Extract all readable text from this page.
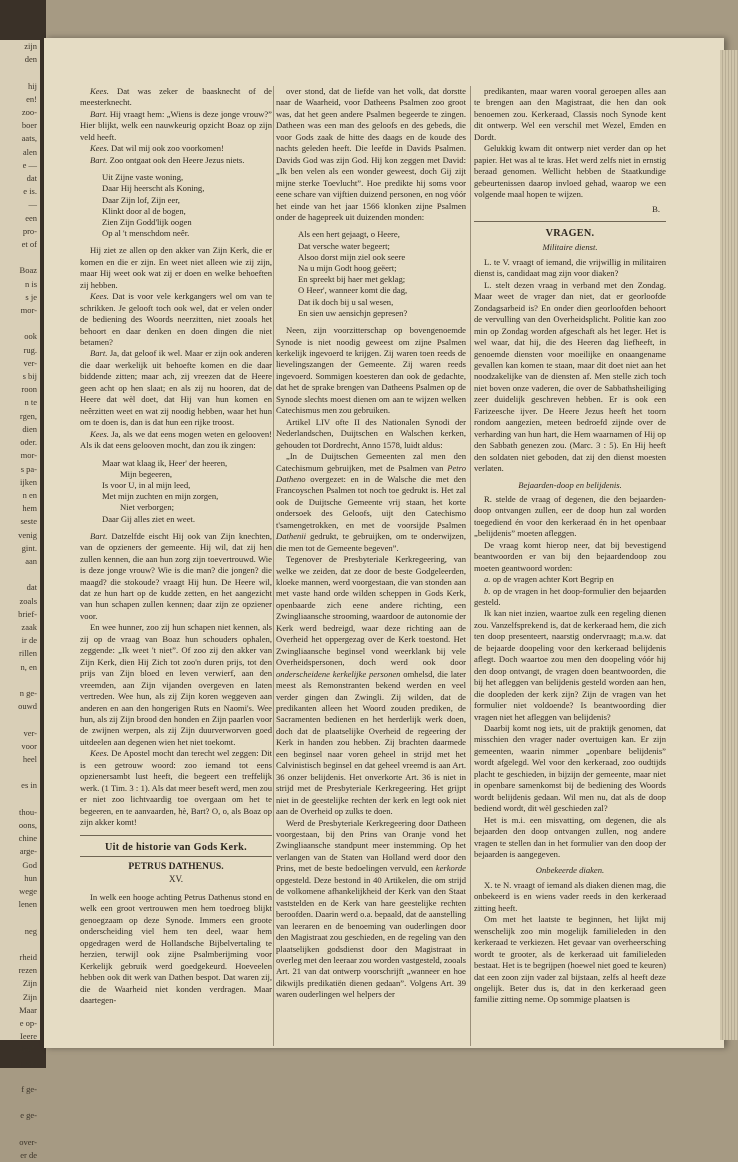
zijn
den

hij
en!
zoo-
boer
aats,
alen
e —
dat
e is.
—
een
pro-
et of

Boaz
n is
s je
mor-

ook
rug.
ver-
s bij
roon
n te
rgen,
dien
oder.
mor-
s pa-
ijken
n en
hem
seste
venig
gint.
aan

dat
zoals
brief-
zaak
ir de
rillen
n, en

n ge-
ouwd

ver-
voor
heel

es in

thou-
oons,
chine
arge-
God
hun
wege
lenen

neg

rheid
rezen
Zijn
Zijn
Maar
e op-
Ieere
den".
r zoo

f ge-

e ge-

over-
er de

Kees. Dat was zeker de baasknecht of de meesterknecht.

Bart. Hij vraagt hem: „Wiens is deze jonge vrouw?” Hier blijkt, welk een nauwkeurig opzicht Boaz op zijn veld heeft.

Kees. Dat wil mij ook zoo voorkomen!

Bart. Zoo ontgaat ook den Heere Jezus niets.

Uit Zijne vaste woning,
Daar Hij heerscht als Koning,
Daar Zijn lof, Zijn eer,
Klinkt door al de bogen,
Zien Zijn Godd'lijk oogen
Op al 't menschdom neêr.

Hij ziet ze allen op den akker van Zijn Kerk, die er komen en die er zijn. En weet niet alleen wie zij zijn, maar Hij weet ook wat zij er doen en welke behoeften zij hebben.

Kees. Dat is voor vele kerkgangers wel om van te schrikken. Je gelooft toch ook wel, dat er velen onder de bediening des Woords neerzitten, niet zooals het behoort en daar denken en doen dingen die niet betamen?

Bart. Ja, dat geloof ik wel. Maar er zijn ook anderen die daar werkelijk uit behoefte komen en die daar biddende zitten; maar ach, zij vreezen dat de Heere geen acht op hen slaat; en als zij nu hooren, dat de Heere dat wèl doet, dat Hij van hun komen en neêrzitten weet en wat zij noodig hebben, waar het hun om te doen is, dan is dat hun een rijke troost.

Kees. Ja, als we dat eens mogen weten en gelooven! Als ik dat eens gelooven mocht, dan zou ik zingen:

Maar wat klaag ik, Heer' der heeren,
Mijn begeeren,
Is voor U, in al mijn leed,
Met mijn zuchten en mijn zorgen,
Niet verborgen;
Daar Gij alles ziet en weet.

Bart. Datzelfde eischt Hij ook van Zijn knechten, van de opzieners der gemeente. Hij wil, dat zij hen zullen kennen, die aan hun zorg zijn toevertrouwd. Wie is deze jonge vrouw? Wie is die man? die jongen? die maagd? die stokoude? vraagt Hij hun. De Heere wil, dat ze hun hart op de kudde zetten, en het aangezicht van hun schapen zullen kennen; daar zijn ze opziener voor.

En wee hunner, zoo zij hun schapen niet kennen, als zij op de vraag van Boaz hun schouders ophalen, zeggende: „Ik weet 't niet”. Of zoo zij den akker van Zijn Kerk, dien Hij Zich tot zoo'n duren prijs, tot den prijs van Zijn bloed en leven verwierf, aan den vreemden, aan Zijn vijanden overgeven en laten vertreden. Wee hun, als zij Zijn koren weggeven aan anderen en aan den hongerigen Ruts en Naomi's. Wee hun, als zij Zijn brood den honden en Zijn paarlen voor de zwijnen werpen, als zij Zijn duurverworven goed uitdeelen aan degenen wien het niet toekomt.

Kees. De Apostel mocht dan terecht wel zeggen: Dit is een getrouw woord: zoo iemand tot eens opzienersambt lust heeft, die begeert een treffelijk werk. (1 Tim. 3 : 1). Als dat meer beseft werd, men zou er niet zoo lichtvaardig toe overgaan om het te begeeren, en te aanvaarden, hè, Bart? O, o, als Boaz op zijn akker komt!

Uit de historie van Gods Kerk.
PETRUS DATHENUS.
XV.

In welk een hooge achting Petrus Dathenus stond en welk een groot vertrouwen men hem toedroeg blijkt genoegzaam op deze Synode. Immers een groote onderscheiding viel hem ten deel, waar hem opgedragen werd de Hollandsche Bijbelvertaling te herzien, terwijl ook zijne Psalmberijming voor Kerkelijk gebruik werd goedgekeurd. Hoeveelen hebben ook dit werk van Dathen bespot. Dat waren zij, die de Waarheid niet konden verdragen. Maar daartegen-

over stond, dat de liefde van het volk, dat dorstte naar de Waarheid, voor Datheens Psalmen zoo groot was, dat het geen andere Psalmen begeerde te zingen. Datheen was een man des geloofs en des gebeds, die voor Gods zaak de hitte des daags en de koude des nachts geleden heeft. Die leefde in Davids Psalmen. Davids God was zijn God. Hij kon zeggen met David: „Ik ben velen als een wonder geweest, doch Gij zijt mijne sterke Toevlucht”. Hoe predikte hij soms voor eene schare van vijftien duizend personen, en nog vóór het einde van het jaar 1566 klonken zijne Psalmen onder de hagepreek uit duizenden monden:

Als een hert gejaagt, o Heere,
Dat versche water begeert;
Alsoo dorst mijn ziel ook seere
Na u mijn Godt hoog geëert;
En spreekt bij haer met geklag;
O Heer', wanneer komt die dag,
Dat ik doch bij u sal wesen,
En sien uw aensichjn gepresen?

Neen, zijn voorzitterschap op bovengenoemde Synode is niet noodig geweest om zijne Psalmen kerkelijk ingevoerd te krijgen. Zij waren toen reeds de lievelingszangen der Gemeente. Zij waren reeds ingevoerd. Sommigen koesteren dan ook de gedachte, dat het de sprake brengen van Datheens Psalmen op de Synode slechts moest dienen om aan te wijzen welken Catechismus men zou gebruiken.

Artikel LIV ofte II des Nationalen Synodi der Nederlandschen, Duijtschen en Walschen kerken, gehouden tot Dordrecht, Anno 1578, luidt aldus:

„In de Duijtschen Gemeenten zal men den Catechismum gebruijken, met de Psalmen van Petro Datheno overgezet: en in de Walsche die met den Francoyschen Psalmen tot noch toe gedrukt is. Het zal ook de Duijtsche Gemeente vrij staan, het korte ondersoek des Geloofs, uijt den Catechismo t'samengetrokken, en met de voorsijde Psalmen Dathenii gedrukt, te gebruijken, om te onderwijzen, die men tot de Gemeente begeven”.

Tegenover de Presbyteriale Kerkregeering, van welke we zeiden, dat ze door de beste Godgeleerden, kloeke mannen, werd voorgestaan, die van stonden aan met vaste hand orde wilden scheppen in Gods Kerk, openbaarde zich eene andere richting, een Zwingliaansche strooming, waardoor de autonomie der Kerk werd bedreigd, waar deze richting aan de Overheid het oppergezag over de Kerk toestond. Het Zwingliaansche beginsel vond weerklank bij vele Overheidspersonen, doch werd ook door onderscheidene kerkelijke personen omhelsd, die later meest als Remonstranten bekend werden en veel verder gingen dan Zwingli. Zij wilden, dat de predikanten alleen het Woord zouden prediken, de Sacramenten bedienen en het herderlijk werk doen, doch dat de plaatselijke Overheid de regeering der Kerk in handen zou hebben. Zij brachten daarmede een beginsel naar voren geheel in strijd met het Calvinistisch beginsel en dat geheel vreemd is aan Art. 36 onzer belijdenis. Het onverkorte Art. 36 is niet in strijd met de Presbyteriale Kerkregeering. Het grijpt niet in de geestelijke rechten der kerk en legt ook niet aan de Overheid op zulks te doen.

Werd de Presbyteriale Kerkregeering door Datheen voorgestaan, bij den Prins van Oranje vond het Zwingliaansche standpunt meer instemming. Op het verlangen van de Staten van Holland werd door den Prins, met de beste bedoelingen vervuld, een kerkorde opgesteld. Deze bestond in 40 Artikelen, die om strijd de volkomene afhankelijkheid der Kerk van den Staat vaststelden en de Kerk van hare geestelijke rechten beroofden. Daarin werd o.a. bepaald, dat de aanstelling van leeraren en de benoeming van ouderlingen door den Magistraat zou geschieden, en de regeling van den plaatselijken godsdienst door den Magistraat in overleg met den leeraar zou worden vastgesteld, zooals Art. 21 van dat ontwerp voorschrijft „wanneer en hoe dikwijls predikatiën dienen gedaan”. Volgens Art. 39 waren ouderlingen wel helpers der

predikanten, maar waren vooral geroepen alles aan te brengen aan den Magistraat, die hen dan ook benoemen zou. Kerkeraad, Classis noch Synode kent dit ontwerp. Wel een verschil met Wezel, Emden en Dordt.

Gelukkig kwam dit ontwerp niet verder dan op het papier. Het was al te kras. Het werd zelfs niet in ernstig beraad genomen. Wellicht hebben de Staatkundige gebeurtenissen daarop invloed gehad, waarop we een volgende maal hopen te wijzen.

B.
VRAGEN.
Militaire dienst.

L. te V. vraagt of iemand, die vrijwillig in militairen dienst is, candidaat mag zijn voor diaken?

L. stelt dezen vraag in verband met den Zondag. Maar weet de vrager dan niet, dat er georloofde Zondagsarbeid is? En onder dien georloofden behoort de vervulling van den Overheidsplicht. Politie kan zoo min op Zondag worden afgeschaft als het leger. Het is wel waar, dat hij, die des Heeren dag liefheeft, in genoemde diensten voor moeilijke en onaangename gevallen kan komen te staan, maar dit doet niet aan het noodzakelijke van de diensten af. Men stelle zich toch niet boven onze vaderen, die over de Sabbathsheiliging zeer duidelijk geschreven hebben. Er is ook een Farizeesche ijver. De Heere Jezus heeft het toorn rondom aangezien, meteen bedroefd zijnde over de verharding van hun hart, die Hem waarnamen of Hij op den Sabbath genezen zou. (Marc. 3 : 5). En Hij heeft den soldaten niet geboden, dat zij den dienst moesten verlaten.

Bejaarden-doop en belijdenis.

R. stelde de vraag of degenen, die den bejaarden-doop ontvangen zullen, eer de doop hun zal worden toegediend én voor den kerkeraad én in het openbaar „belijdenis” moeten afleggen.

De vraag komt hierop neer, dat bij bevestigend beantwoorden er van bij den bejaardendoop zou moeten geantwoord worden:

a. op de vragen achter Kort Begrip en

b. op de vragen in het doop-formulier den bejaarden gesteld.

Ik kan niet inzien, waartoe zulk een regeling dienen zou. Vanzelfsprekend is, dat de kerkeraad hem, die zich ten doop presenteert, naarstig ondervraagt; m.a.w. dat de bejaarde doopeling voor den kerkeraad belijdenis aflegt. Doch waartoe zou men den doopeling vóór hij den doop ontvangt, de vragen doen beantwoorden, die bij het afleggen van belijdenis gesteld worden aan hen, die doopleden der kerk zijn? Zijn de vragen van het formulier niet voldoende? Is beantwoording dier vragen niet het afleggen van belijdenis?

Daarbij komt nog iets, uit de praktijk genomen, dat misschien den vrager nader overtuigen kan. Er zijn gemeenten, waarin nimmer „openbare belijdenis” wordt afgelegd. Wel voor den kerkeraad, zoo oudtijds placht te geschieden, in bijzijn der gemeente, maar niet in openbare samenkomst bij de bediening des Woords wordt belijdenis gedaan. Wil men nu, dat als de doop bediend wordt, dit wèl geschieden zal?

Het is m.i. een misvatting, om degenen, die als bejaarden den doop ontvangen zullen, nog andere vragen te stellen dan in het formulier van den doop der bejaarden is aangegeven.

Onbekeerde diaken.

X. te N. vraagt of iemand als diaken dienen mag, die onbekeerd is en wiens vader reeds in den kerkeraad zitting heeft.

Om met het laatste te beginnen, het lijkt mij wenschelijk zoo min mogelijk familieleden in den kerkeraad te verkiezen. Het gevaar van overheersching wordt te grooter, als de kerkeraad uit familieleden bestaat. Het is te begrijpen (hoewel niet goed te keuren) dat een zoon zijn vader zal bijstaan, zelfs al heeft deze ongelijk. Beter dus is, dat in den kerkeraad geen familie zitting neme. Op sommige plaatsen is
